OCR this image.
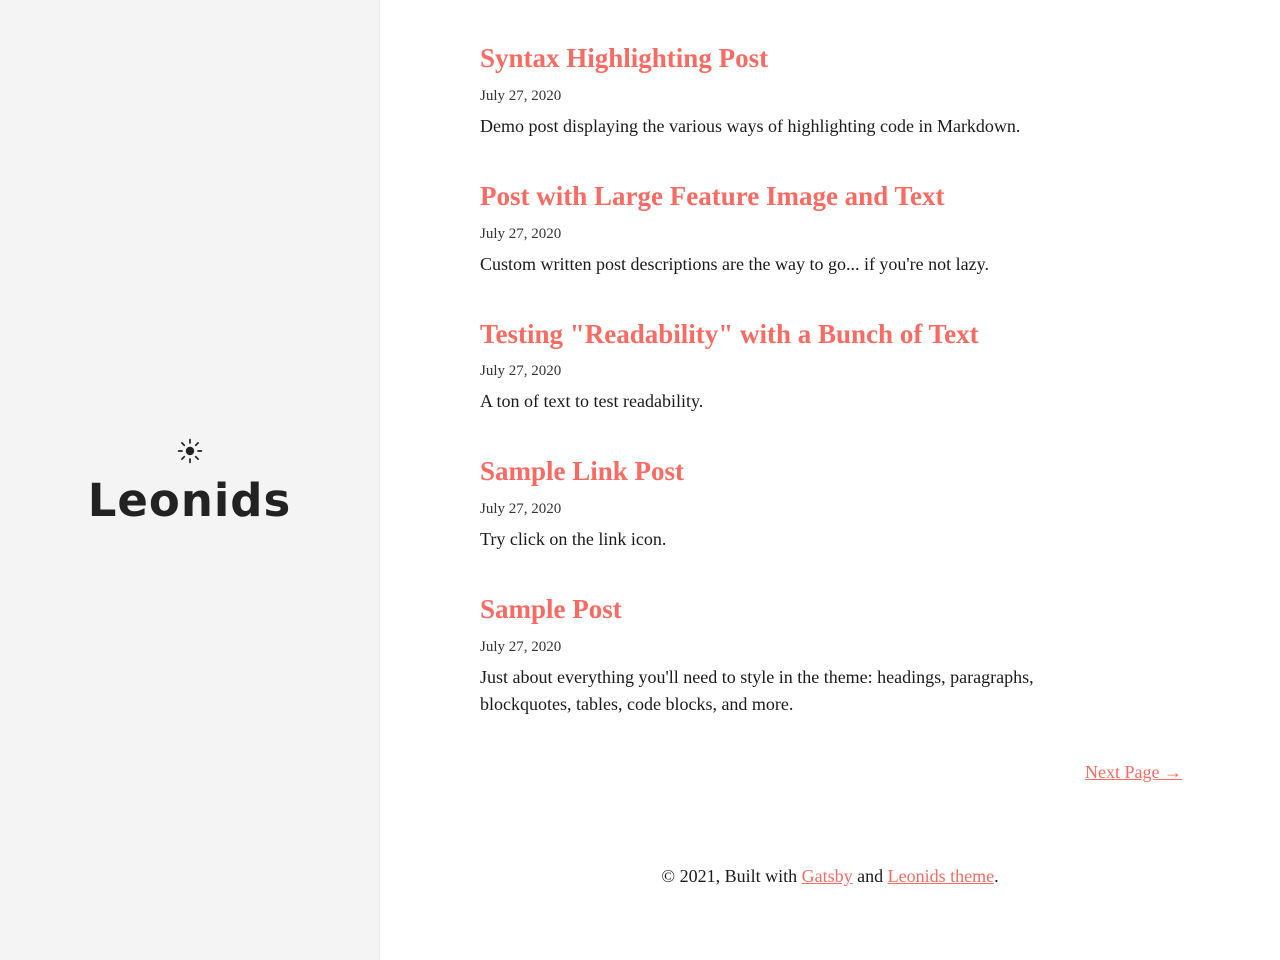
Leonids
Syntax Highlighting Post

July 27, 2020

Demo post displaying the various ways of highlighting code in Markdown.

Post with Large Feature Image and Text

July 27, 2020

Custom written post descriptions are the way to go... if you're not lazy.

Testing "Readability" with a Bunch of Text

July 27, 2020

A ton of text to test readability.

Sample Link Post

July 27, 2020

Try click on the link icon.

Sample Post

July 27, 2020

Just about everything you'll need to style in the theme: headings, paragraphs, blockquotes, tables, code blocks, and more.

Next Page →
© 2021, Built with Gatsby and Leonids theme.
